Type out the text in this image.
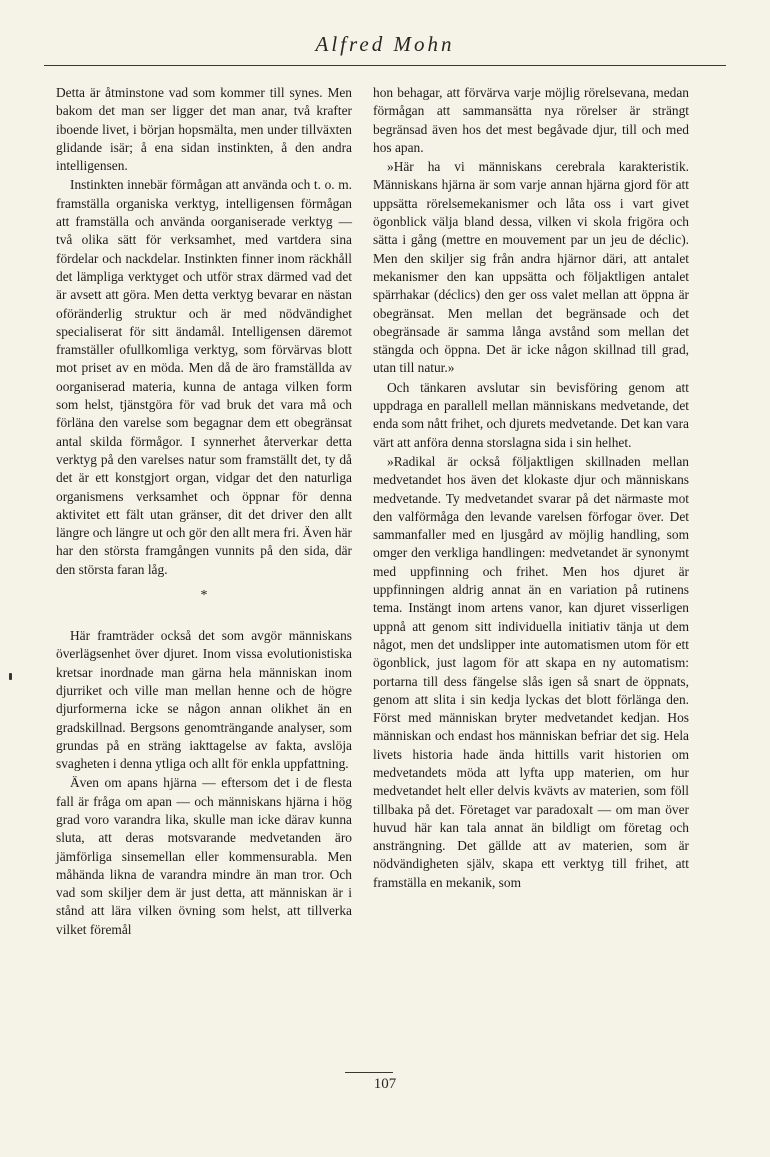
Alfred Mohn

Detta är åtminstone vad som kommer till synes. Men bakom det man ser ligger det man anar, två krafter iboende livet, i början hopsmälta, men under tillväxten glidande isär; å ena sidan instinkten, å den andra intelligensen.

Instinkten innebär förmågan att använda och t. o. m. framställa organiska verktyg, intelligensen förmågan att framställa och använda oorganiserade verktyg — två olika sätt för verksamhet, med vartdera sina fördelar och nackdelar. Instinkten finner inom räckhåll det lämpliga verktyget och utför strax därmed vad det är avsett att göra. Men detta verktyg bevarar en nästan oföränderlig struktur och är med nödvändighet specialiserat för sitt ändamål. Intelligensen däremot framställer ofullkomliga verktyg, som förvärvas blott mot priset av en möda. Men då de äro framställda av oorganiserad materia, kunna de antaga vilken form som helst, tjänstgöra för vad bruk det vara må och förläna den varelse som begagnar dem ett obegränsat antal skilda förmågor. I synnerhet återverkar detta verktyg på den varelses natur som framställt det, ty då det är ett konstgjort organ, vidgar det den naturliga organismens verksamhet och öppnar för denna aktivitet ett fält utan gränser, dit det driver den allt längre och längre ut och gör den allt mera fri. Även här har den största framgången vunnits på den sida, där den största faran låg.

*

Här framträder också det som avgör människans överlägsenhet över djuret. Inom vissa evolutionistiska kretsar inordnade man gärna hela människan inom djurriket och ville man mellan henne och de högre djurformerna icke se någon annan olikhet än en gradskillnad. Bergsons genomträngande analyser, som grundas på en sträng iakttagelse av fakta, avslöja svagheten i denna ytliga och allt för enkla uppfattning.

Även om apans hjärna — eftersom det i de flesta fall är fråga om apan — och människans hjärna i hög grad voro varandra lika, skulle man icke därav kunna sluta, att deras motsvarande medvetanden äro jämförliga sinsemellan eller kommensurabla. Men måhända likna de varandra mindre än man tror. Och vad som skiljer dem är just detta, att människan är i stånd att lära vilken övning som helst, att tillverka vilket föremål

hon behagar, att förvärva varje möjlig rörelsevana, medan förmågan att sammansätta nya rörelser är strängt begränsad även hos det mest begåvade djur, till och med hos apan.

»Här ha vi människans cerebrala karakteristik. Människans hjärna är som varje annan hjärna gjord för att uppsätta rörelsemekanismer och låta oss i vart givet ögonblick välja bland dessa, vilken vi skola frigöra och sätta i gång (mettre en mouvement par un jeu de déclic). Men den skiljer sig från andra hjärnor däri, att antalet mekanismer den kan uppsätta och följaktligen antalet spärrhakar (déclics) den ger oss valet mellan att öppna är obegränsat. Men mellan det begränsade och det obegränsade är samma långa avstånd som mellan det stängda och öppna. Det är icke någon skillnad till grad, utan till natur.»

Och tänkaren avslutar sin bevisföring genom att uppdraga en parallell mellan människans medvetande, det enda som nått frihet, och djurets medvetande. Det kan vara värt att anföra denna storslagna sida i sin helhet.

»Radikal är också följaktligen skillnaden mellan medvetandet hos även det klokaste djur och människans medvetande. Ty medvetandet svarar på det närmaste mot den valförmåga den levande varelsen förfogar över. Det sammanfaller med en ljusgård av möjlig handling, som omger den verkliga handlingen: medvetandet är synonymt med uppfinning och frihet. Men hos djuret är uppfinningen aldrig annat än en variation på rutinens tema. Instängt inom artens vanor, kan djuret visserligen uppnå att genom sitt individuella initiativ tänja ut dem något, men det undslipper inte automatismen utom för ett ögonblick, just lagom för att skapa en ny automatism: portarna till dess fängelse slås igen så snart de öppnats, genom att slita i sin kedja lyckas det blott förlänga den. Först med människan bryter medvetandet kedjan. Hos människan och endast hos människan befriar det sig. Hela livets historia hade ända hittills varit historien om medvetandets möda att lyfta upp materien, om hur medvetandet helt eller delvis kvävts av materien, som föll tillbaka på det. Företaget var paradoxalt — om man över huvud här kan tala annat än bildligt om företag och ansträngning. Det gällde att av materien, som är nödvändigheten själv, skapa ett verktyg till frihet, att framställa en mekanik, som

107
